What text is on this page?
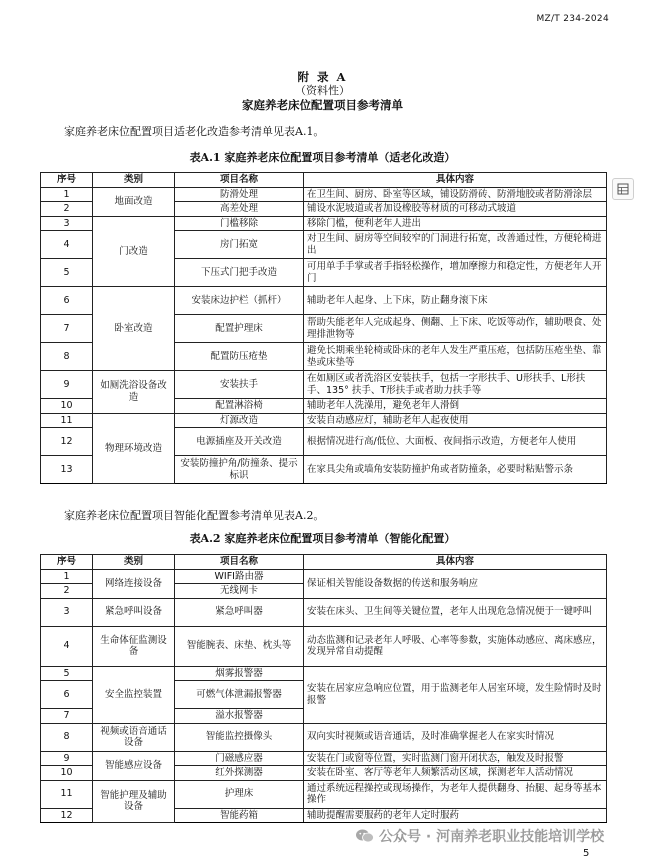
MZ/T 234-2024
附 录 A
（资料性）
家庭养老床位配置项目参考清单
家庭养老床位配置项目适老化改造参考清单见表A.1。
表A.1 家庭养老床位配置项目参考清单（适老化改造）
序号	类别	项目名称	具体内容
1	地面改造	防滑处理	在卫生间、厨房、卧室等区域，铺设防滑砖、防滑地胶或者防滑涂层
2		高差处理	铺设水泥坡道或者加设橡胶等材质的可移动式坡道
3	门改造	门槛移除	移除门槛，便利老年人进出
4		房门拓宽	对卫生间、厨房等空间较窄的门洞进行拓宽，改善通过性，方便轮椅进出
5		下压式门把手改造	可用单手手掌或者手指轻松操作，增加摩擦力和稳定性，方便老年人开门
6	卧室改造	安装床边护栏（抓杆）	辅助老年人起身、上下床，防止翻身滚下床
7		配置护理床	帮助失能老年人完成起身、侧翻、上下床、吃饭等动作，辅助喂食、处理排泄物等
8		配置防压疮垫	避免长期乘坐轮椅或卧床的老年人发生严重压疮，包括防压疮坐垫、靠垫或床垫等
9	如厕洗浴设备改造	安装扶手	在如厕区或者洗浴区安装扶手，包括一字形扶手、U形扶手、L形扶手、135° 扶手、T形扶手或者助力扶手等
10		配置淋浴椅	辅助老年人洗澡用，避免老年人滑倒
11	物理环境改造	灯源改造	安装自动感应灯，辅助老年人起夜使用
12		电源插座及开关改造	根据情况进行高/低位、大面板、夜间指示改造，方便老年人使用
13		安装防撞护角/防撞条、提示标识	在家具尖角或墙角安装防撞护角或者防撞条，必要时粘贴警示条
家庭养老床位配置项目智能化配置参考清单见表A.2。
表A.2 家庭养老床位配置项目参考清单（智能化配置）
序号	类别	项目名称	具体内容
1	网络连接设备	WIFI路由器	保证相关智能设备数据的传送和服务响应
2		无线网卡	
3	紧急呼叫设备	紧急呼叫器	安装在床头、卫生间等关键位置，老年人出现危急情况便于一键呼叫
4	生命体征监测设备	智能腕表、床垫、枕头等	动态监测和记录老年人呼吸、心率等参数，实施体动感应、离床感应，发现异常自动提醒
5	安全监控装置	烟雾报警器	安装在居家应急响应位置，用于监测老年人居室环境，发生险情时及时报警
6		可燃气体泄漏报警器	
7		溢水报警器	
8	视频或语音通话设备	智能监控摄像头	双向实时视频或语音通话，及时准确掌握老人在家实时情况
9	智能感应设备	门磁感应器	安装在门或窗等位置，实时监测门窗开闭状态，触发及时报警
10		红外探测器	安装在卧室、客厅等老年人频繁活动区域，探测老年人活动情况
11	智能护理及辅助设备	护理床	通过系统远程操控或现场操作，为老年人提供翻身、抬腿、起身等基本操作
12		智能药箱	辅助提醒需要服药的老年人定时服药
公众号 · 河南养老职业技能培训学校
5
